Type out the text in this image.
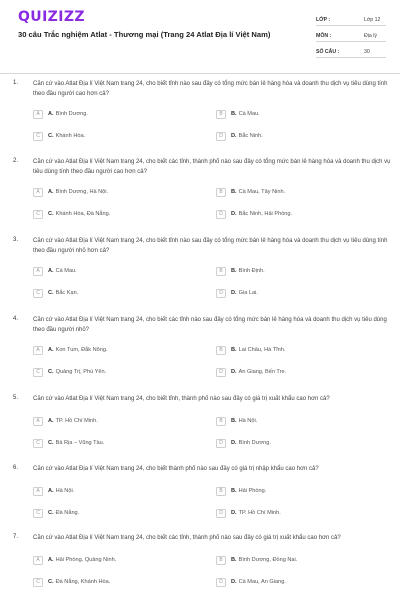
QUIZIZZ
30 câu Trắc nghiệm Atlat - Thương mại (Trang 24 Atlat Địa lí Việt Nam)
LỚP :	Lớp 12
MÔN :	Địa lý
SỐ CÂU :	30
1. Căn cứ vào Atlat Địa lí Việt Nam trang 24, cho biết tỉnh nào sau đây có tổng mức bán lẻ hàng hóa và doanh thu dịch vụ tiêu dùng tính theo đầu người cao hơn cả?
A	A. Bình Dương.	B	B. Cà Mau.
C	C. Khánh Hòa.	D	D. Bắc Ninh.
2. Căn cứ vào Atlat Địa lí Việt Nam trang 24, cho biết các tỉnh, thành phố nào sau đây có tổng mức bán lẻ hàng hóa và doanh thu dịch vụ tiêu dùng tính theo đầu người cao hơn cả?
A	A. Bình Dương, Hà Nội.	B	B. Cà Mau, Tây Ninh.
C	C. Khánh Hòa, Đà Nẵng.	D	D. Bắc Ninh, Hải Phòng.
3. Căn cứ vào Atlat Địa lí Việt Nam trang 24, cho biết tỉnh nào sau đây có tổng mức bán lẻ hàng hóa và doanh thu dịch vụ tiêu dùng tính theo đầu người nhỏ hơn cả?
A	A. Cà Mau.	B	B. Bình Định.
C	C. Bắc Kạn.	D	D. Gia Lai.
4. Căn cứ vào Atlat Địa lí Việt Nam trang 24, cho biết các tỉnh nào sau đây có tổng mức bán lẻ hàng hóa và doanh thu dịch vụ tiêu dùng theo đầu người nhỏ?
A	A. Kon Tum, Đắk Nông.	B	B. Lai Châu, Hà Tĩnh.
C	C. Quảng Trị, Phú Yên.	D	D. An Giang, Bến Tre.
5. Căn cứ vào Atlat Địa lí Việt Nam trang 24, cho biết tỉnh, thành phố nào sau đây có giá trị xuất khẩu cao hơn cả?
A	A. TP. Hồ Chí Minh.	B	B. Hà Nội.
C	C. Bà Rịa – Vũng Tàu.	D	D. Bình Dương.
6. Căn cứ vào Atlat Địa lí Việt Nam trang 24, cho biết thành phố nào sau đây có giá trị nhập khẩu cao hơn cả?
A	A. Hà Nội.	B	B. Hải Phòng.
C	C. Đà Nẵng.	D	D. TP. Hồ Chí Minh.
7. Căn cứ vào Atlat Địa lí Việt Nam trang 24, cho biết các tỉnh, thành phố nào sau đây có giá trị xuất khẩu cao hơn cả?
A	A. Hải Phòng, Quảng Ninh.	B	B. Bình Dương, Đồng Nai.
C	C. Đà Nẵng, Khánh Hòa.	D	D. Cà Mau, An Giang.
